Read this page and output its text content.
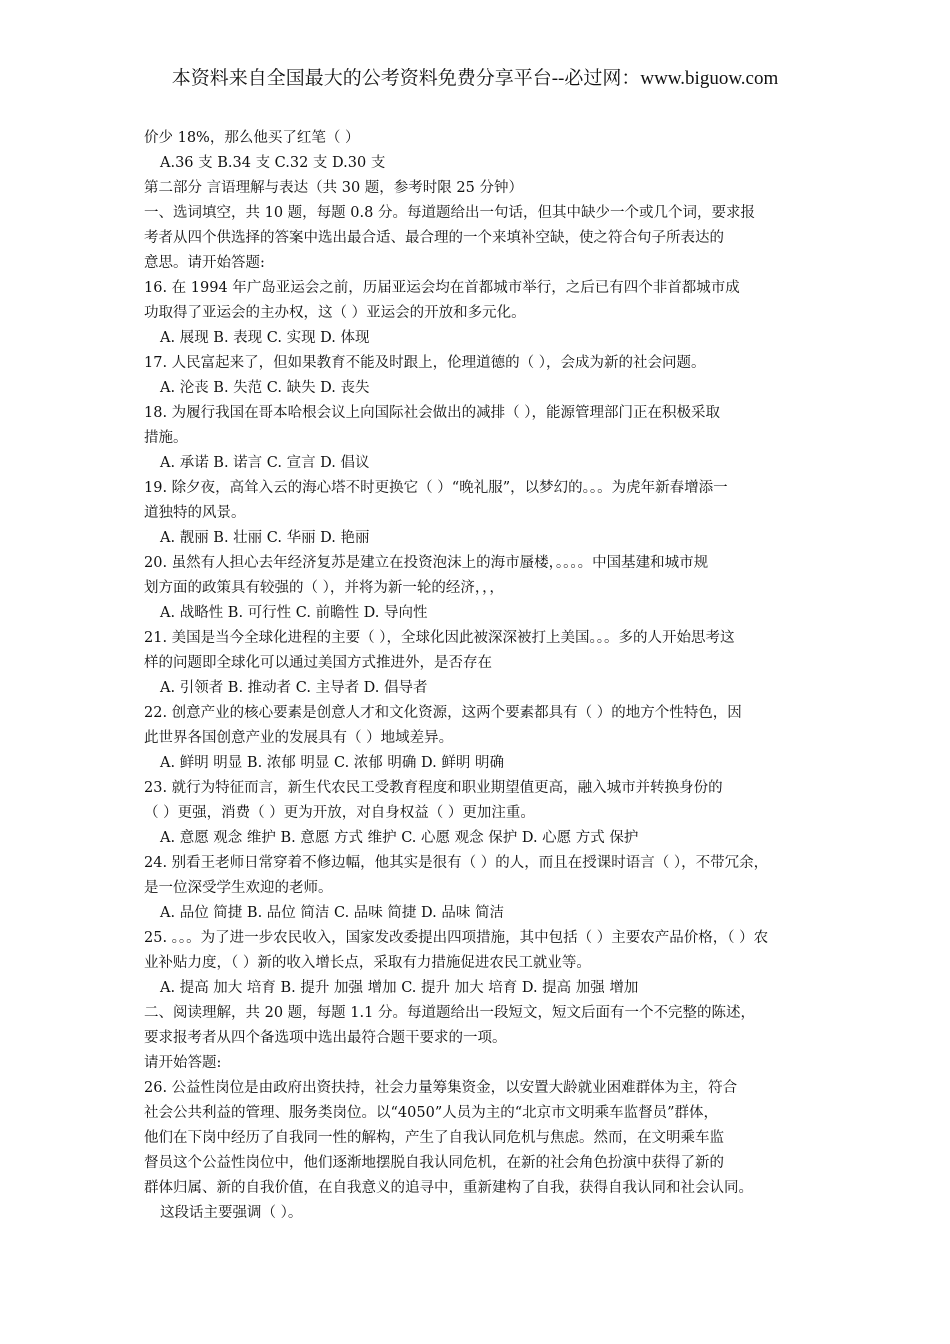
本资料来自全国最大的公考资料免费分享平台--必过网：www.biguow.com
价少 18%，那么他买了红笔（ ）
A.36 支 B.34 支 C.32 支 D.30 支
第二部分 言语理解与表达（共 30 题，参考时限 25 分钟）
一、选词填空，共 10 题，每题 0.8 分。每道题给出一句话，但其中缺少一个或几个词，要求报
考者从四个供选择的答案中选出最合适、最合理的一个来填补空缺，使之符合句子所表达的
意思。请开始答题:
16. 在 1994 年广岛亚运会之前，历届亚运会均在首都城市举行，之后已有四个非首都城市成
功取得了亚运会的主办权，这（ ）亚运会的开放和多元化。
A. 展现 B. 表现 C. 实现 D. 体现
17. 人民富起来了，但如果教育不能及时跟上，伦理道德的（ ），会成为新的社会问题。
A. 沦丧 B. 失范 C. 缺失 D. 丧失
18. 为履行我国在哥本哈根会议上向国际社会做出的减排（ ），能源管理部门正在积极采取
措施。
A. 承诺 B. 诺言 C. 宣言 D. 倡议
19. 除夕夜，高耸入云的海心塔不时更换它（ ）“晚礼服”，以梦幻的。。。为虎年新春增添一
道独特的风景。
A. 靓丽 B. 壮丽 C. 华丽 D. 艳丽
20. 虽然有人担心去年经济复苏是建立在投资泡沫上的海市蜃楼，。。。。中国基建和城市规
划方面的政策具有较强的（ ），并将为新一轮的经济，，，
A. 战略性 B. 可行性 C. 前瞻性 D. 导向性
21. 美国是当今全球化进程的主要（ ），全球化因此被深深被打上美国。。。多的人开始思考这
样的问题即全球化可以通过美国方式推进外，是否存在
A. 引领者 B. 推动者 C. 主导者 D. 倡导者
22. 创意产业的核心要素是创意人才和文化资源，这两个要素都具有（ ）的地方个性特色，因
此世界各国创意产业的发展具有（ ）地域差异。
A. 鲜明 明显 B. 浓郁 明显 C. 浓郁 明确 D. 鲜明 明确
23. 就行为特征而言，新生代农民工受教育程度和职业期望值更高，融入城市并转换身份的
（ ）更强，消费（ ）更为开放，对自身权益（ ）更加注重。
A. 意愿 观念 维护 B. 意愿 方式 维护 C. 心愿 观念 保护 D. 心愿 方式 保护
24. 别看王老师日常穿着不修边幅，他其实是很有（ ）的人，而且在授课时语言（ ），不带冗余，
是一位深受学生欢迎的老师。
A. 品位 简捷 B. 品位 简洁 C. 品味 简捷 D. 品味 简洁
25. 。。。为了进一步农民收入，国家发改委提出四项措施，其中包括（ ）主要农产品价格，（ ）农
业补贴力度，（ ）新的收入增长点，采取有力措施促进农民工就业等。
A. 提高 加大 培育 B. 提升 加强 增加 C. 提升 加大 培育 D. 提高 加强 增加
二、阅读理解，共 20 题，每题 1.1 分。每道题给出一段短文，短文后面有一个不完整的陈述，
要求报考者从四个备选项中选出最符合题干要求的一项。
请开始答题:
26. 公益性岗位是由政府出资扶持，社会力量筹集资金，以安置大龄就业困难群体为主，符合
社会公共利益的管理、服务类岗位。以“4050”人员为主的“北京市文明乘车监督员”群体，
他们在下岗中经历了自我同一性的解构，产生了自我认同危机与焦虑。然而，在文明乘车监
督员这个公益性岗位中，他们逐渐地摆脱自我认同危机，在新的社会角色扮演中获得了新的
群体归属、新的自我价值，在自我意义的追寻中，重新建构了自我，获得自我认同和社会认同。
这段话主要强调（ ）。
